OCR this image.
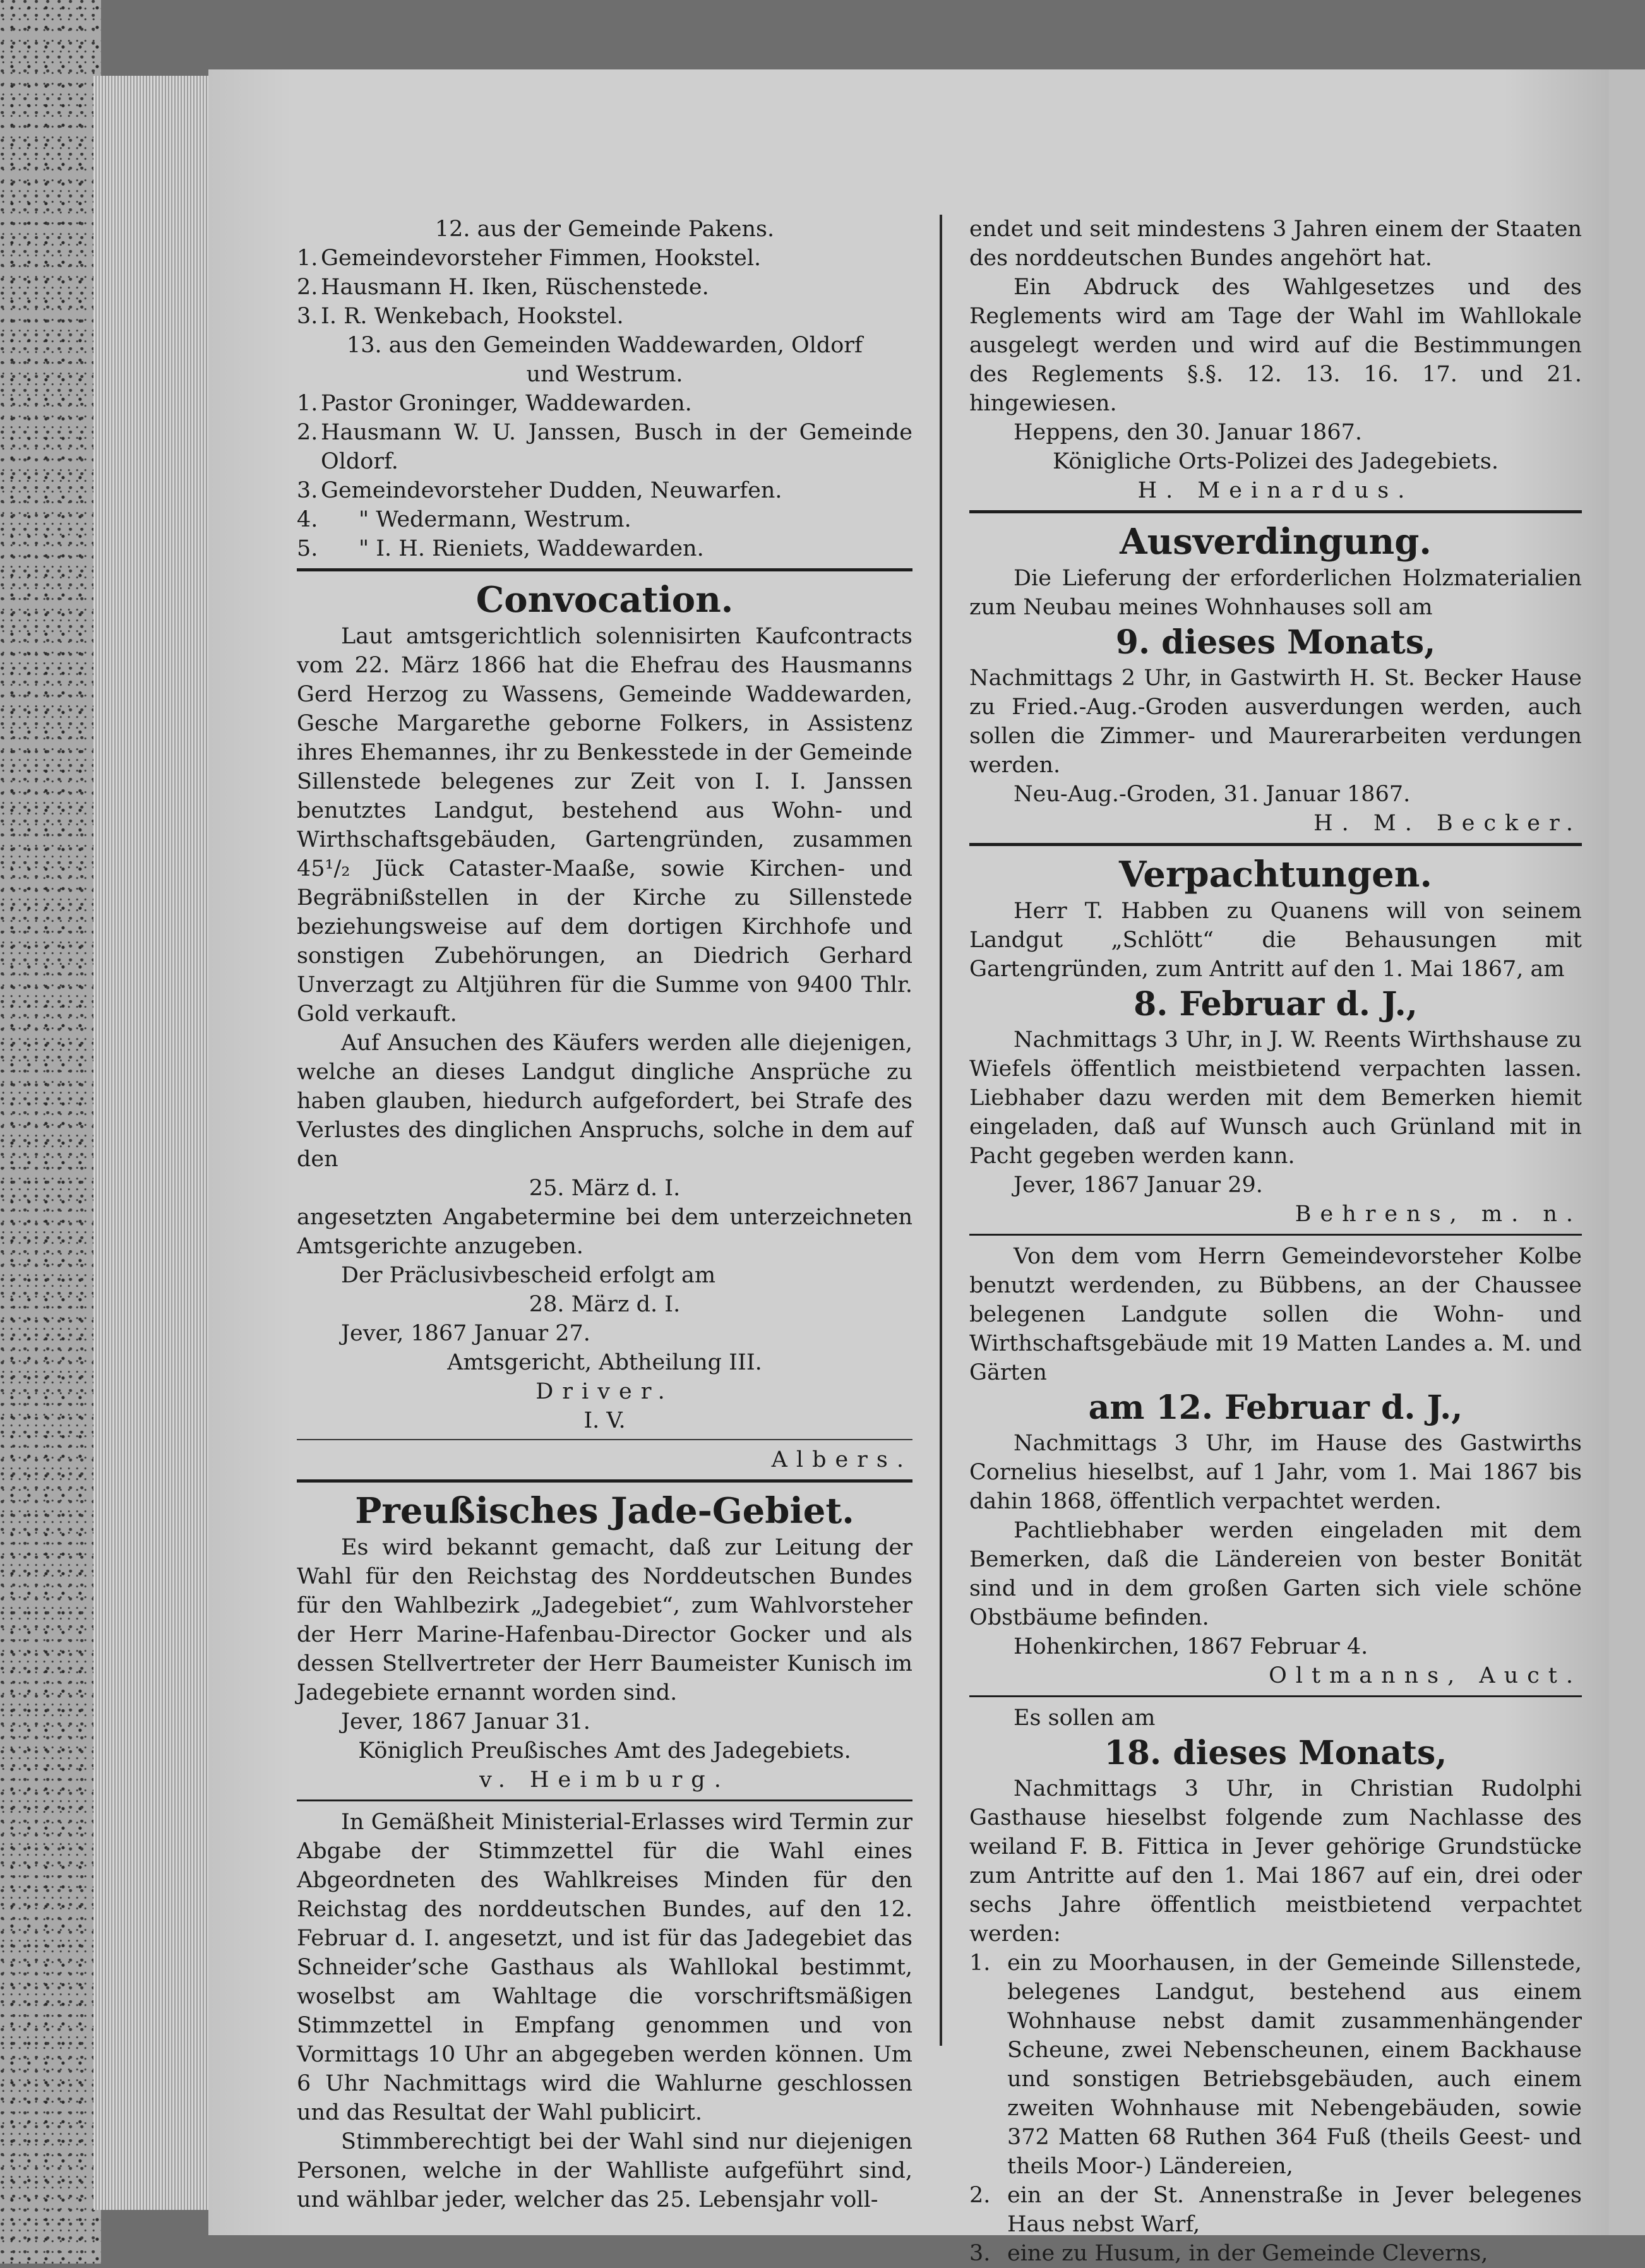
12. aus der Gemeinde Pakens.

1. Gemeindevorsteher Fimmen, Hookstel.
2. Hausmann H. Iken, Rüschenstede.
3. I. R. Wenkebach, Hookstel.

13. aus den Gemeinden Waddewarden, Oldorf

und Westrum.

1. Pastor Groninger, Waddewarden.
2. Hausmann W. U. Janssen, Busch in der Gemeinde Oldorf.
3. Gemeindevorsteher Dudden, Neuwarfen.
4.	" Wedermann, Westrum.
5.	" I. H. Rieniets, Waddewarden.

Convocation.

Laut amtsgerichtlich solennisirten Kaufcontracts vom 22. März 1866 hat die Ehefrau des Hausmanns Gerd Herzog zu Wassens, Gemeinde Waddewarden, Gesche Margarethe geborne Folkers, in Assistenz ihres Ehemannes, ihr zu Benkesstede in der Gemeinde Sillenstede belegenes zur Zeit von I. I. Janssen benutztes Landgut, bestehend aus Wohn- und Wirthschaftsgebäuden, Gartengründen, zusammen 45¹/₂ Jück Cataster-Maaße, sowie Kirchen- und Begräbnißstellen in der Kirche zu Sillenstede beziehungsweise auf dem dortigen Kirchhofe und sonstigen Zubehörungen, an Diedrich Gerhard Unverzagt zu Altjühren für die Summe von 9400 Thlr. Gold verkauft.

Auf Ansuchen des Käufers werden alle diejenigen, welche an dieses Landgut dingliche Ansprüche zu haben glauben, hiedurch aufgefordert, bei Strafe des Verlustes des dinglichen Anspruchs, solche in dem auf den

25. März d. I.

angesetzten Angabetermine bei dem unterzeichneten Amtsgerichte anzugeben.

Der Präclusivbescheid erfolgt am

28. März d. I.

Jever, 1867 Januar 27.

Amtsgericht, Abtheilung III.

Driver.

I. V.

Albers.

Preußisches Jade-Gebiet.

Es wird bekannt gemacht, daß zur Leitung der Wahl für den Reichstag des Norddeutschen Bundes für den Wahlbezirk „Jadegebiet“, zum Wahlvorsteher der Herr Marine-Hafenbau-Director Gocker und als dessen Stellvertreter der Herr Baumeister Kunisch im Jadegebiete ernannt worden sind.

Jever, 1867 Januar 31.

Königlich Preußisches Amt des Jadegebiets.

v. Heimburg.

In Gemäßheit Ministerial-Erlasses wird Termin zur Abgabe der Stimmzettel für die Wahl eines Abgeordneten des Wahlkreises Minden für den Reichstag des norddeutschen Bundes, auf den 12. Februar d. I. angesetzt, und ist für das Jadegebiet das Schneider’sche Gasthaus als Wahllokal bestimmt, woselbst am Wahltage die vorschriftsmäßigen Stimmzettel in Empfang genommen und von Vormittags 10 Uhr an abgegeben werden können. Um 6 Uhr Nachmittags wird die Wahlurne geschlossen und das Resultat der Wahl publicirt.

Stimmberechtigt bei der Wahl sind nur diejenigen Personen, welche in der Wahlliste aufgeführt sind, und wählbar jeder, welcher das 25. Lebensjahr voll-

endet und seit mindestens 3 Jahren einem der Staaten des norddeutschen Bundes angehört hat.

Ein Abdruck des Wahlgesetzes und des Reglements wird am Tage der Wahl im Wahllokale ausgelegt werden und wird auf die Bestimmungen des Reglements §.§. 12. 13. 16. 17. und 21. hingewiesen.

Heppens, den 30. Januar 1867.

Königliche Orts-Polizei des Jadegebiets.

H. Meinardus.

Ausverdingung.

Die Lieferung der erforderlichen Holzmaterialien zum Neubau meines Wohnhauses soll am

9. dieses Monats,

Nachmittags 2 Uhr, in Gastwirth H. St. Becker Hause zu Fried.-Aug.-Groden ausverdungen werden, auch sollen die Zimmer- und Maurerarbeiten verdungen werden.

Neu-Aug.-Groden, 31. Januar 1867.

H. M. Becker.

Verpachtungen.

Herr T. Habben zu Quanens will von seinem Landgut „Schlött“ die Behausungen mit Gartengründen, zum Antritt auf den 1. Mai 1867, am

8. Februar d. J.,

Nachmittags 3 Uhr, in J. W. Reents Wirthshause zu Wiefels öffentlich meistbietend verpachten lassen. Liebhaber dazu werden mit dem Bemerken hiemit eingeladen, daß auf Wunsch auch Grünland mit in Pacht gegeben werden kann.

Jever, 1867 Januar 29.

Behrens, m. n.

Von dem vom Herrn Gemeindevorsteher Kolbe benutzt werdenden, zu Bübbens, an der Chaussee belegenen Landgute sollen die Wohn- und Wirthschaftsgebäude mit 19 Matten Landes a. M. und Gärten

am 12. Februar d. J.,

Nachmittags 3 Uhr, im Hause des Gastwirths Cornelius hieselbst, auf 1 Jahr, vom 1. Mai 1867 bis dahin 1868, öffentlich verpachtet werden.

Pachtliebhaber werden eingeladen mit dem Bemerken, daß die Ländereien von bester Bonität sind und in dem großen Garten sich viele schöne Obstbäume befinden.

Hohenkirchen, 1867 Februar 4.

Oltmanns, Auct.

Es sollen am

18. dieses Monats,

Nachmittags 3 Uhr, in Christian Rudolphi Gasthause hieselbst folgende zum Nachlasse des weiland F. B. Fittica in Jever gehörige Grundstücke zum Antritte auf den 1. Mai 1867 auf ein, drei oder sechs Jahre öffentlich meistbietend verpachtet werden:

1. ein zu Moorhausen, in der Gemeinde Sillenstede, belegenes Landgut, bestehend aus einem Wohnhause nebst damit zusammenhängender Scheune, zwei Nebenscheunen, einem Backhause und sonstigen Betriebsgebäuden, auch einem zweiten Wohnhause mit Nebengebäuden, sowie 372 Matten 68 Ruthen 364 Fuß (theils Geest- und theils Moor-) Ländereien,
2. ein an der St. Annenstraße in Jever belegenes Haus nebst Warf,
3. eine zu Husum, in der Gemeinde Cleverns,
